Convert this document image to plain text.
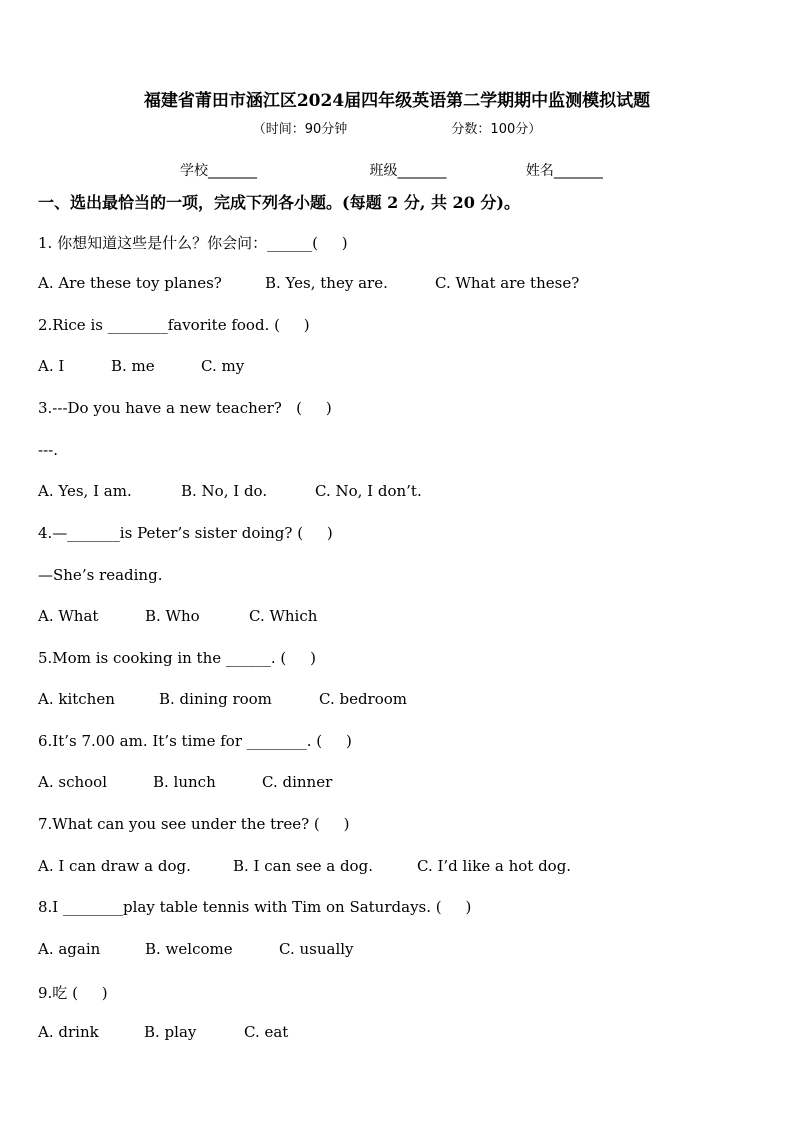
福建省莆田市涵江区2024届四年级英语第二学期期中监测模拟试题
（时间：90分钟	分数：100分）
学校_______	班级_______	姓名_______
一、选出最恰当的一项，完成下列各小题。(每题 2 分, 共 20 分)。
1. 你想知道这些是什么？你会问：______(     )
A. Are these toy planes?	B. Yes, they are.	C. What are these?
2.Rice is ________favorite food. (     )
A. I	B. me	C. my
3.---Do you have a new teacher?   (     )
---.
A. Yes, I am.	B. No, I do.	C. No, I don’t.
4.—_______is Peter’s sister doing? (     )
—She’s reading.
A. What	B. Who	C. Which
5.Mom is cooking in the ______. (     )
A. kitchen	B. dining room	C. bedroom
6.It’s 7.00 am. It’s time for ________. (     )
A. school	B. lunch	C. dinner
7.What can you see under the tree? (     )
A. I can draw a dog.	B. I can see a dog.	C. I’d like a hot dog.
8.I ________play table tennis with Tim on Saturdays. (     )
A. again	B. welcome	C. usually
9.吃 (     )
A. drink	B. play	C. eat
